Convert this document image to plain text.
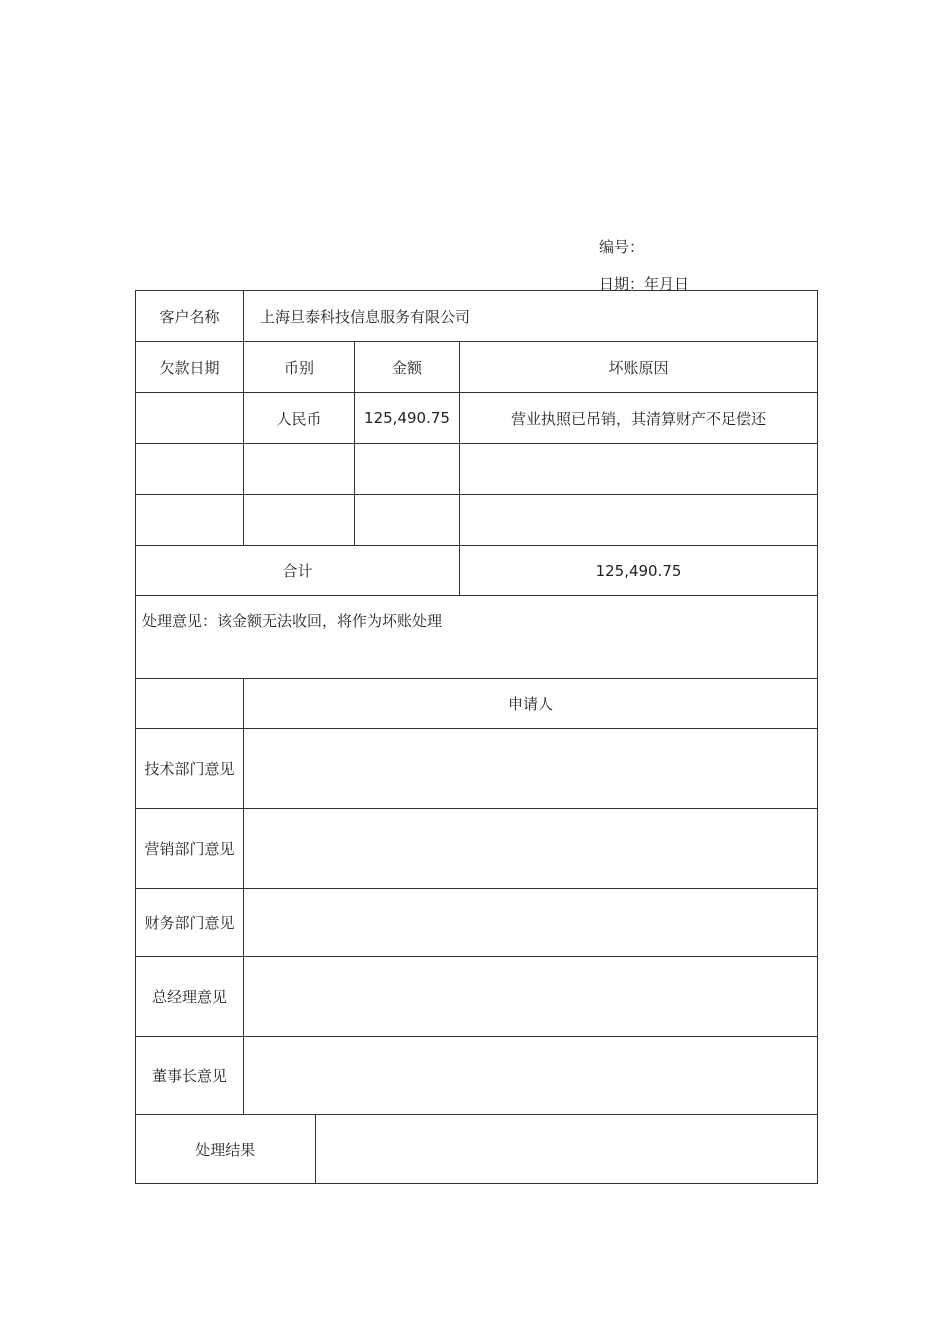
编号：
日期：年月日
客户名称	上海旦泰科技信息服务有限公司
欠款日期	币别	金额	坏账原因
	人民币	125,490.75	营业执照已吊销，其清算财产不足偿还

合计	125,490.75
处理意见：该金额无法收回，将作为坏账处理
	申请人
技术部门意见	
营销部门意见	
财务部门意见	
总经理意见	
董事长意见	

处理结果	
